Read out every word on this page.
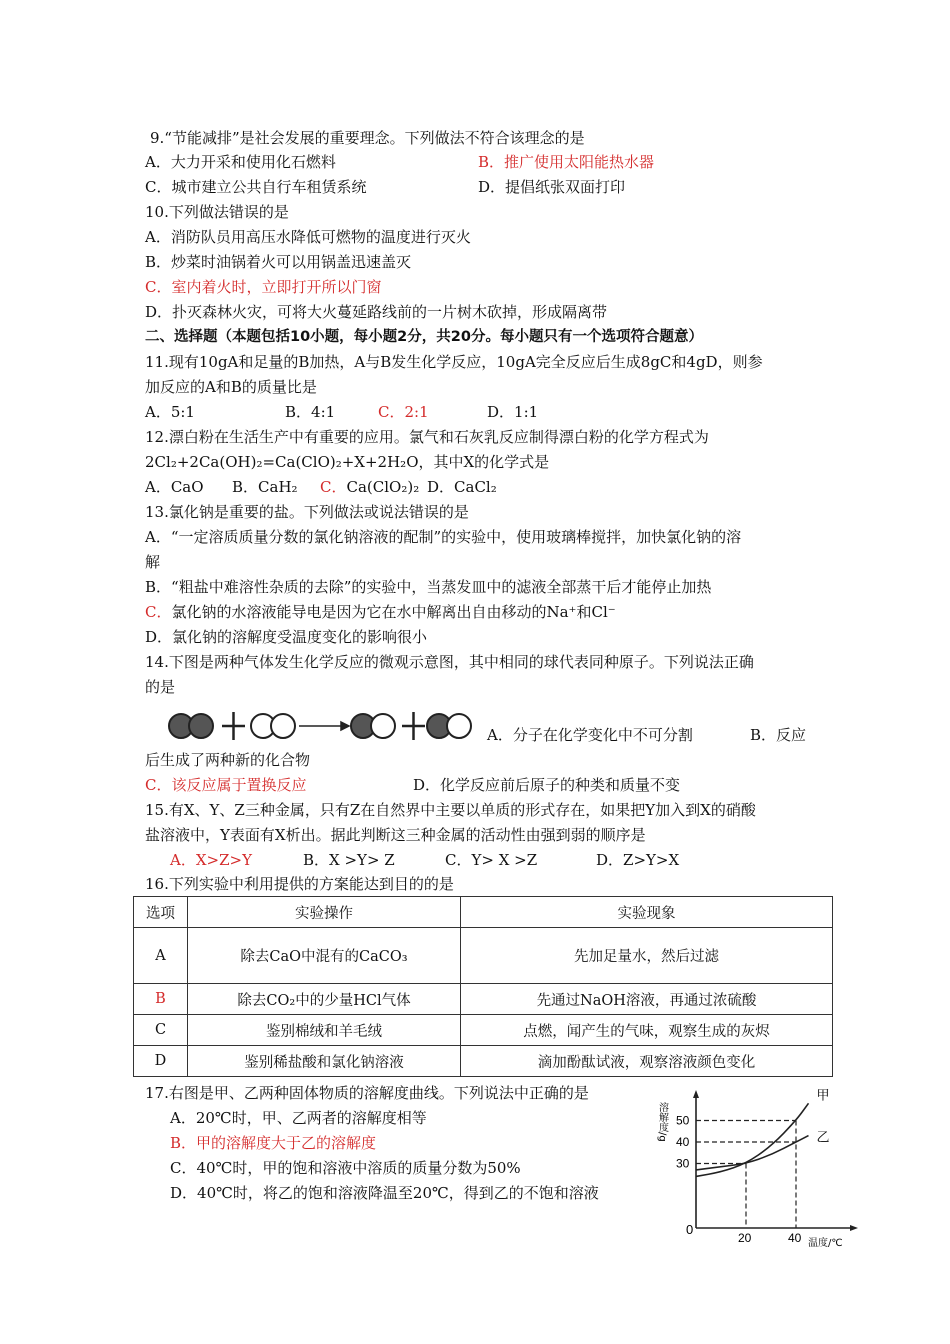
9.“节能减排”是社会发展的重要理念。下列做法不符合该理念的是
A．大力开采和使用化石燃料	B．推广使用太阳能热水器
C．城市建立公共自行车租赁系统	D．提倡纸张双面打印
10.下列做法错误的是
A．消防队员用高压水降低可燃物的温度进行灭火
B．炒菜时油锅着火可以用锅盖迅速盖灭
C．室内着火时，立即打开所以门窗
D．扑灭森林火灾，可将大火蔓延路线前的一片树木砍掉，形成隔离带
二、选择题（本题包括10小题，每小题2分，共20分。每小题只有一个选项符合题意）
11.现有10gA和足量的B加热，A与B发生化学反应，10gA完全反应后生成8gC和4gD，则参
加反应的A和B的质量比是
A．5:1	B．4:1	C．2:1	D．1:1
12.漂白粉在生活生产中有重要的应用。氯气和石灰乳反应制得漂白粉的化学方程式为
2Cl₂+2Ca(OH)₂=Ca(ClO)₂+X+2H₂O，其中X的化学式是
A．CaO B．CaH₂ C．Ca(ClO₂)₂ D．CaCl₂
13.氯化钠是重要的盐。下列做法或说法错误的是
A．“一定溶质质量分数的氯化钠溶液的配制”的实验中，使用玻璃棒搅拌，加快氯化钠的溶
解
B．“粗盐中难溶性杂质的去除”的实验中，当蒸发皿中的滤液全部蒸干后才能停止加热
C．氯化钠的水溶液能导电是因为它在水中解离出自由移动的Na⁺和Cl⁻
D．氯化钠的溶解度受温度变化的影响很小
14.下图是两种气体发生化学反应的微观示意图，其中相同的球代表同种原子。下列说法正确
的是
A．分子在化学变化中不可分割	B．反应
后生成了两种新的化合物
C．该反应属于置换反应	D．化学反应前后原子的种类和质量不变
15.有X、Y、Z三种金属，只有Z在自然界中主要以单质的形式存在，如果把Y加入到X的硝酸
盐溶液中，Y表面有X析出。据此判断这三种金属的活动性由强到弱的顺序是
A．X>Z>Y	B．X >Y> Z	C．Y> X >Z	D．Z>Y>X
16.下列实验中利用提供的方案能达到目的的是
选项	实验操作	实验现象
A	除去CaO中混有的CaCO₃	先加足量水，然后过滤
B	除去CO₂中的少量HCl气体	先通过NaOH溶液，再通过浓硫酸
C	鉴别棉绒和羊毛绒	点燃，闻产生的气味，观察生成的灰烬
D	鉴别稀盐酸和氯化钠溶液	滴加酚酞试液，观察溶液颜色变化
17.右图是甲、乙两种固体物质的溶解度曲线。下列说法中正确的是
A．20℃时，甲、乙两者的溶解度相等
B．甲的溶解度大于乙的溶解度
C．40℃时，甲的饱和溶液中溶质的质量分数为50%
D．40℃时，将乙的饱和溶液降温至20℃，得到乙的不饱和溶液
溶解度/g
温度/℃
0
50
40
30
20	40
甲
乙
